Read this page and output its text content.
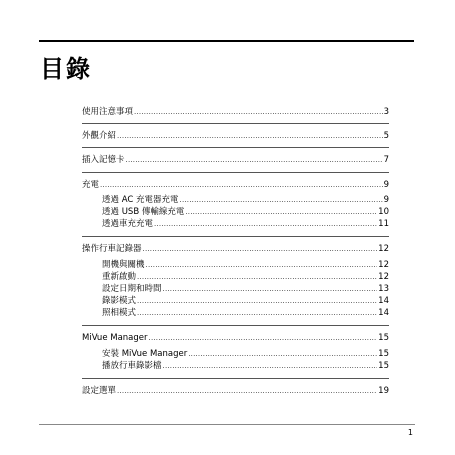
目錄
使用注意事項 .....	3
外觀介紹 .....	5
插入記憶卡 .....	7
充電 .....	9
透過 AC 充電器充電 .....	9
透過 USB 傳輸線充電 .....	10
透過車充充電 .....	11
操作行車記錄器 .....	12
開機與關機 .....	12
重新啟動 .....	12
設定日期和時間 .....	13
錄影模式 .....	14
照相模式 .....	14
MiVue Manager .....	15
安裝 MiVue Manager .....	15
播放行車錄影檔 .....	15
設定選單 .....	19
1
